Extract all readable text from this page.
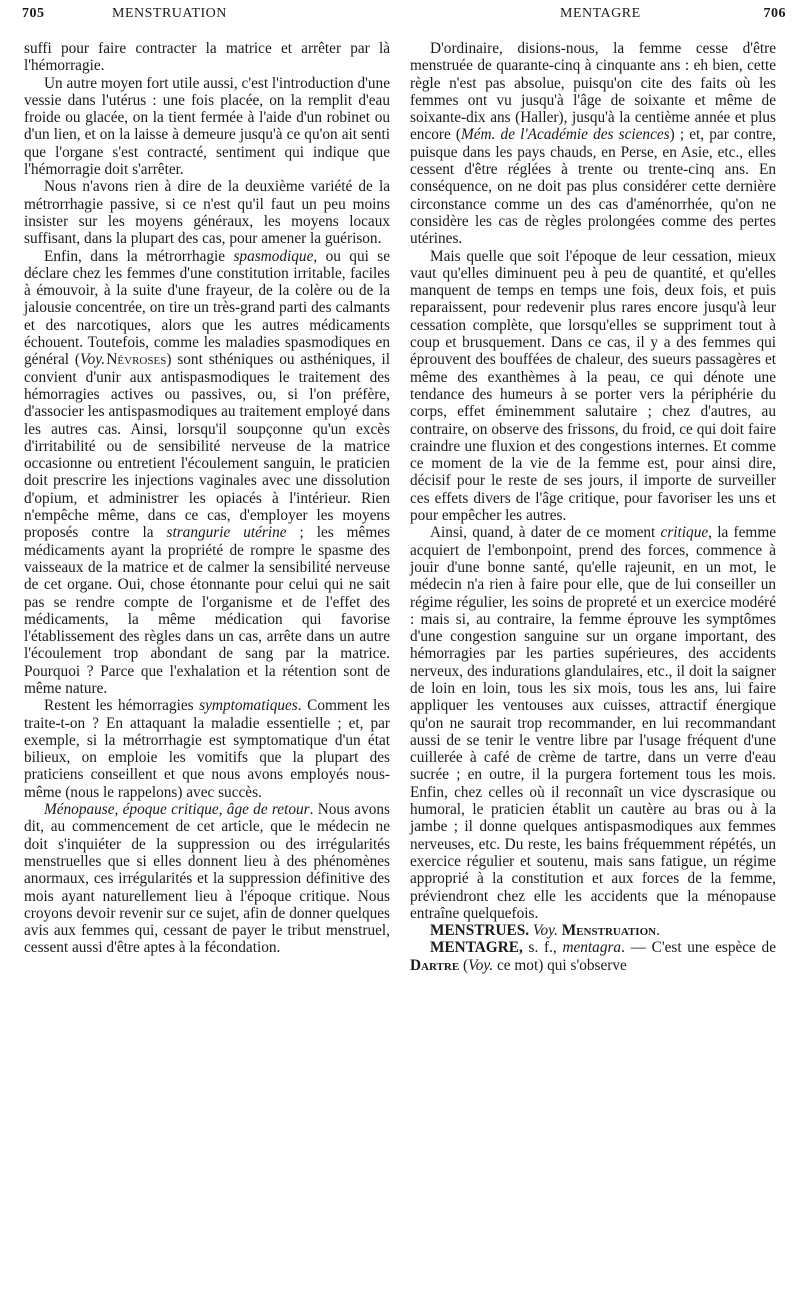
705	MENSTRUATION	MENTAGRE	706

suffi pour faire contracter la matrice et arrêter par là l'hémorragie.

Un autre moyen fort utile aussi, c'est l'introduction d'une vessie dans l'utérus : une fois placée, on la remplit d'eau froide ou glacée, on la tient fermée à l'aide d'un robinet ou d'un lien, et on la laisse à demeure jusqu'à ce qu'on ait senti que l'organe s'est contracté, sentiment qui indique que l'hémorragie doit s'arrêter.

Nous n'avons rien à dire de la deuxième variété de la métrorrhagie passive, si ce n'est qu'il faut un peu moins insister sur les moyens généraux, les moyens locaux suffisant, dans la plupart des cas, pour amener la guérison.

Enfin, dans la métrorrhagie spasmodique, ou qui se déclare chez les femmes d'une constitution irritable, faciles à émouvoir, à la suite d'une frayeur, de la colère ou de la jalousie concentrée, on tire un très-grand parti des calmants et des narcotiques, alors que les autres médicaments échouent. Toutefois, comme les maladies spasmodiques en général (Voy. Névroses) sont sthéniques ou asthéniques, il convient d'unir aux antispasmodiques le traitement des hémorragies actives ou passives, ou, si l'on préfère, d'associer les antispasmodiques au traitement employé dans les autres cas. Ainsi, lorsqu'il soupçonne qu'un excès d'irritabilité ou de sensibilité nerveuse de la matrice occasionne ou entretient l'écoulement sanguin, le praticien doit prescrire les injections vaginales avec une dissolution d'opium, et administrer les opiacés à l'intérieur. Rien n'empêche même, dans ce cas, d'employer les moyens proposés contre la strangurie utérine ; les mêmes médicaments ayant la propriété de rompre le spasme des vaisseaux de la matrice et de calmer la sensibilité nerveuse de cet organe. Oui, chose étonnante pour celui qui ne sait pas se rendre compte de l'organisme et de l'effet des médicaments, la même médication qui favorise l'établissement des règles dans un cas, arrête dans un autre l'écoulement trop abondant de sang par la matrice. Pourquoi ? Parce que l'exhalation et la rétention sont de même nature.

Restent les hémorragies symptomatiques. Comment les traite-t-on ? En attaquant la maladie essentielle ; et, par exemple, si la métrorrhagie est symptomatique d'un état bilieux, on emploie les vomitifs que la plupart des praticiens conseillent et que nous avons employés nous-même (nous le rappelons) avec succès.

Ménopause, époque critique, âge de retour. Nous avons dit, au commencement de cet article, que le médecin ne doit s'inquiéter de la suppression ou des irrégularités menstruelles que si elles donnent lieu à des phénomènes anormaux, ces irrégularités et la suppression définitive des mois ayant naturellement lieu à l'époque critique. Nous croyons devoir revenir sur ce sujet, afin de donner quelques avis aux femmes qui, cessant de payer le tribut menstruel, cessent aussi d'être aptes à la fécondation.

D'ordinaire, disions-nous, la femme cesse d'être menstruée de quarante-cinq à cinquante ans : eh bien, cette règle n'est pas absolue, puisqu'on cite des faits où les femmes ont vu jusqu'à l'âge de soixante et même de soixante-dix ans (Haller), jusqu'à la centième année et plus encore (Mém. de l'Académie des sciences) ; et, par contre, puisque dans les pays chauds, en Perse, en Asie, etc., elles cessent d'être réglées à trente ou trente-cinq ans. En conséquence, on ne doit pas plus considérer cette dernière circonstance comme un des cas d'aménorrhée, qu'on ne considère les cas de règles prolongées comme des pertes utérines.

Mais quelle que soit l'époque de leur cessation, mieux vaut qu'elles diminuent peu à peu de quantité, et qu'elles manquent de temps en temps une fois, deux fois, et puis reparaissent, pour redevenir plus rares encore jusqu'à leur cessation complète, que lorsqu'elles se suppriment tout à coup et brusquement. Dans ce cas, il y a des femmes qui éprouvent des bouffées de chaleur, des sueurs passagères et même des exanthèmes à la peau, ce qui dénote une tendance des humeurs à se porter vers la périphérie du corps, effet éminemment salutaire ; chez d'autres, au contraire, on observe des frissons, du froid, ce qui doit faire craindre une fluxion et des congestions internes. Et comme ce moment de la vie de la femme est, pour ainsi dire, décisif pour le reste de ses jours, il importe de surveiller ces effets divers de l'âge critique, pour favoriser les uns et pour empêcher les autres.

Ainsi, quand, à dater de ce moment critique, la femme acquiert de l'embonpoint, prend des forces, commence à jouir d'une bonne santé, qu'elle rajeunit, en un mot, le médecin n'a rien à faire pour elle, que de lui conseiller un régime régulier, les soins de propreté et un exercice modéré : mais si, au contraire, la femme éprouve les symptômes d'une congestion sanguine sur un organe important, des hémorragies par les parties supérieures, des accidents nerveux, des indurations glandulaires, etc., il doit la saigner de loin en loin, tous les six mois, tous les ans, lui faire appliquer les ventouses aux cuisses, attractif énergique qu'on ne saurait trop recommander, en lui recommandant aussi de se tenir le ventre libre par l'usage fréquent d'une cuillerée à café de crème de tartre, dans un verre d'eau sucrée ; en outre, il la purgera fortement tous les mois. Enfin, chez celles où il reconnaît un vice dyscrasique ou humoral, le praticien établit un cautère au bras ou à la jambe ; il donne quelques antispasmodiques aux femmes nerveuses, etc. Du reste, les bains fréquemment répétés, un exercice régulier et soutenu, mais sans fatigue, un régime approprié à la constitution et aux forces de la femme, préviendront chez elle les accidents que la ménopause entraîne quelquefois.

MENSTRUES. Voy. Menstruation.

MENTAGRE, s. f., mentagra. — C'est une espèce de Dartre (Voy. ce mot) qui s'observe
